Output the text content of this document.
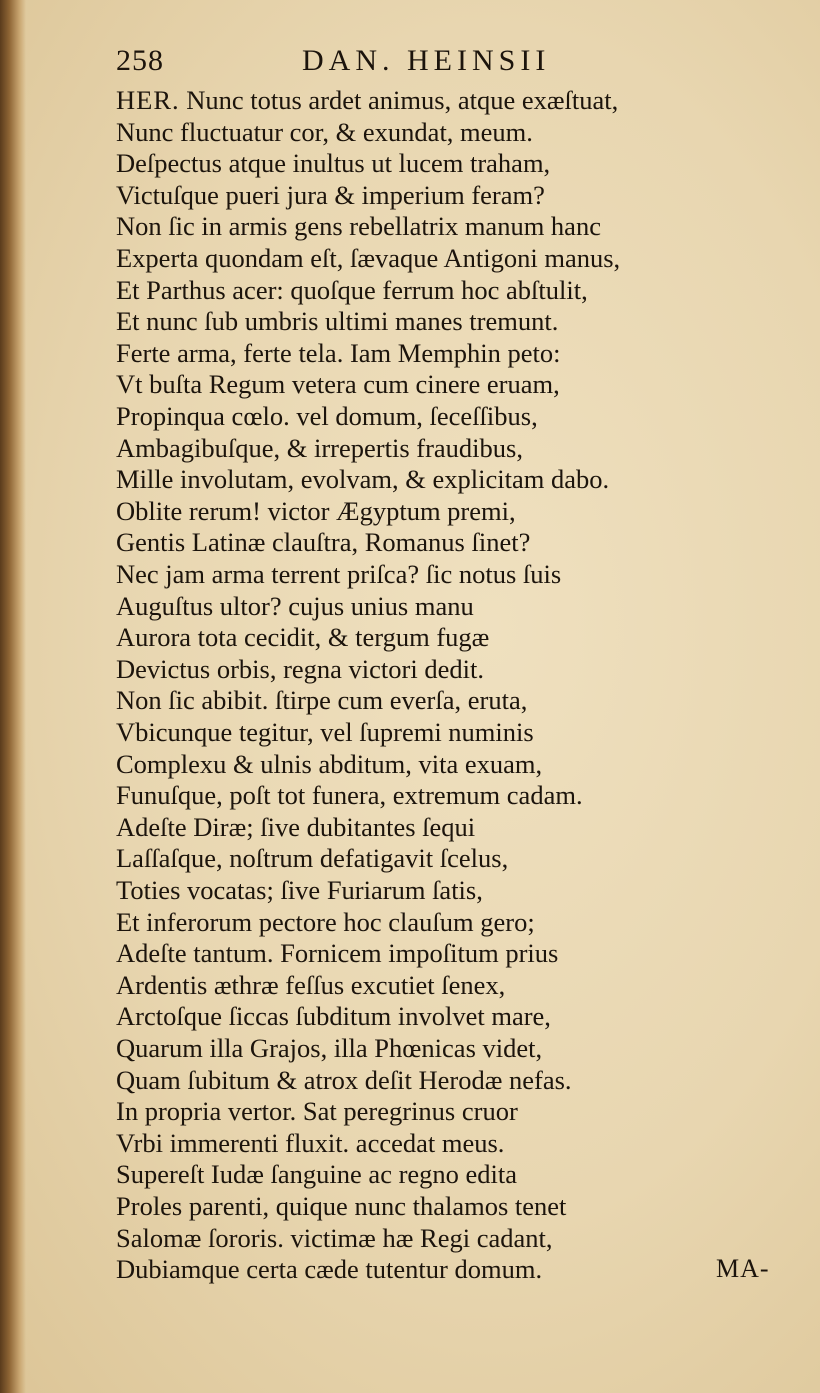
258	DAN. HEINSII
HER. Nunc totus ardet animus, atque exæſtuat,
Nunc fluctuatur cor, & exundat, meum.
Deſpectus atque inultus ut lucem traham,
Victuſque pueri jura & imperium feram?
Non ſic in armis gens rebellatrix manum hanc
Experta quondam eſt, ſævaque Antigoni manus,
Et Parthus acer: quoſque ferrum hoc abſtulit,
Et nunc ſub umbris ultimi manes tremunt.
Ferte arma, ferte tela. Iam Memphin peto:
Vt buſta Regum vetera cum cinere eruam,
Propinqua cœlo. vel domum, ſeceſſibus,
Ambagibuſque, & irrepertis fraudibus,
Mille involutam, evolvam, & explicitam dabo.
Oblite rerum! victor Ægyptum premi,
Gentis Latinæ clauſtra, Romanus ſinet?
Nec jam arma terrent priſca? ſic notus ſuis
Auguſtus ultor? cujus unius manu
Aurora tota cecidit, & tergum fugæ
Devictus orbis, regna victori dedit.
Non ſic abibit. ſtirpe cum everſa, eruta,
Vbicunque tegitur, vel ſupremi numinis
Complexu & ulnis abditum, vita exuam,
Funuſque, poſt tot funera, extremum cadam.
Adeſte Diræ; ſive dubitantes ſequi
Laſſaſque, noſtrum defatigavit ſcelus,
Toties vocatas; ſive Furiarum ſatis,
Et inferorum pectore hoc clauſum gero;
Adeſte tantum. Fornicem impoſitum prius
Ardentis æthræ feſſus excutiet ſenex,
Arctoſque ſiccas ſubditum involvet mare,
Quarum illa Grajos, illa Phœnicas videt,
Quam ſubitum & atrox deſit Herodæ nefas.
In propria vertor. Sat peregrinus cruor
Vrbi immerenti fluxit. accedat meus.
Supereſt Iudæ ſanguine ac regno edita
Proles parenti, quique nunc thalamos tenet
Salomæ ſororis. victimæ hæ Regi cadant,
Dubiamque certa cæde tutentur domum.	MA-
